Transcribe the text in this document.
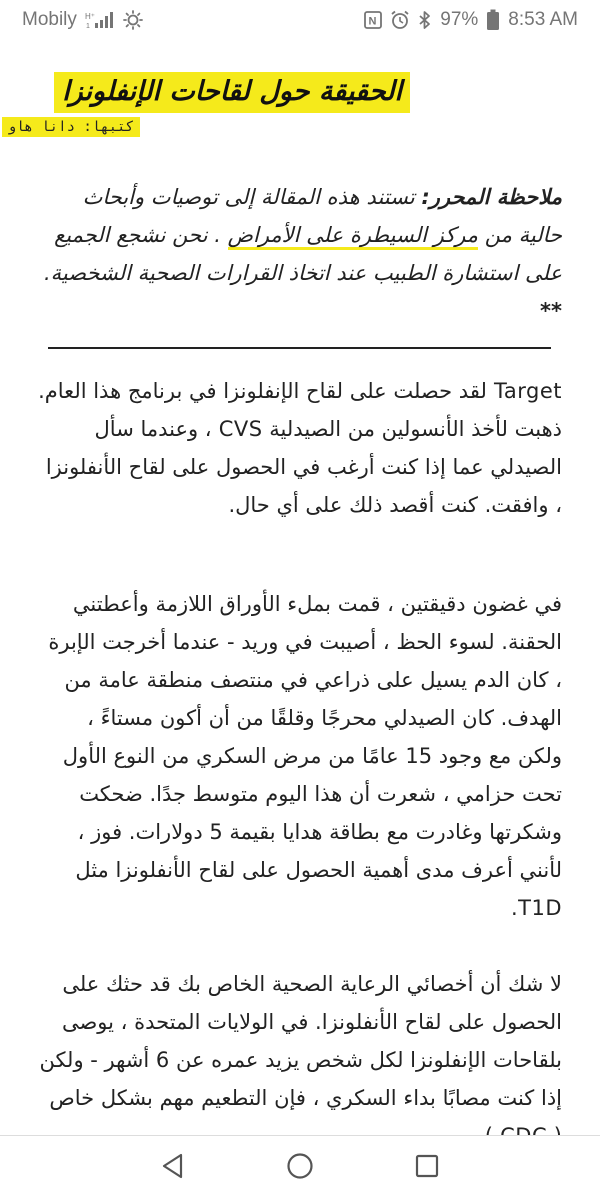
Mobily H⁺
1	N	97% 8:53 AM
الحقيقة حول لقاحات الإنفلونزا
كتبها: دانا هاو
ملاحظة المحرر: تستند هذه المقالة إلى توصيات وأبحاث حالية من مركز السيطرة على الأمراض . نحن نشجع الجميع على استشارة الطبيب عند اتخاذ القرارات الصحية الشخصية. **
Target لقد حصلت على لقاح الإنفلونزا في برنامج هذا العام. ذهبت لأخذ الأنسولين من الصيدلية CVS ، وعندما سأل الصيدلي عما إذا كنت أرغب في الحصول على لقاح الأنفلونزا ، وافقت. كنت أقصد ذلك على أي حال.
في غضون دقيقتين ، قمت بملء الأوراق اللازمة وأعطتني الحقنة. لسوء الحظ ، أصيبت في وريد - عندما أخرجت الإبرة ، كان الدم يسيل على ذراعي في منتصف منطقة عامة من الهدف. كان الصيدلي محرجًا وقلقًا من أن أكون مستاءً ، ولكن مع وجود 15 عامًا من مرض السكري من النوع الأول تحت حزامي ، شعرت أن هذا اليوم متوسط جدًا. ضحكت وشكرتها وغادرت مع بطاقة هدايا بقيمة 5 دولارات. فوز ، لأنني أعرف مدى أهمية الحصول على لقاح الأنفلونزا مثل T1D.
لا شك أن أخصائي الرعاية الصحية الخاص بك قد حثك على الحصول على لقاح الأنفلونزا. في الولايات المتحدة ، يوصى بلقاحات الإنفلونزا لكل شخص يزيد عمره عن 6 أشهر - ولكن إذا كنت مصابًا بداء السكري ، فإن التطعيم مهم بشكل خاص
